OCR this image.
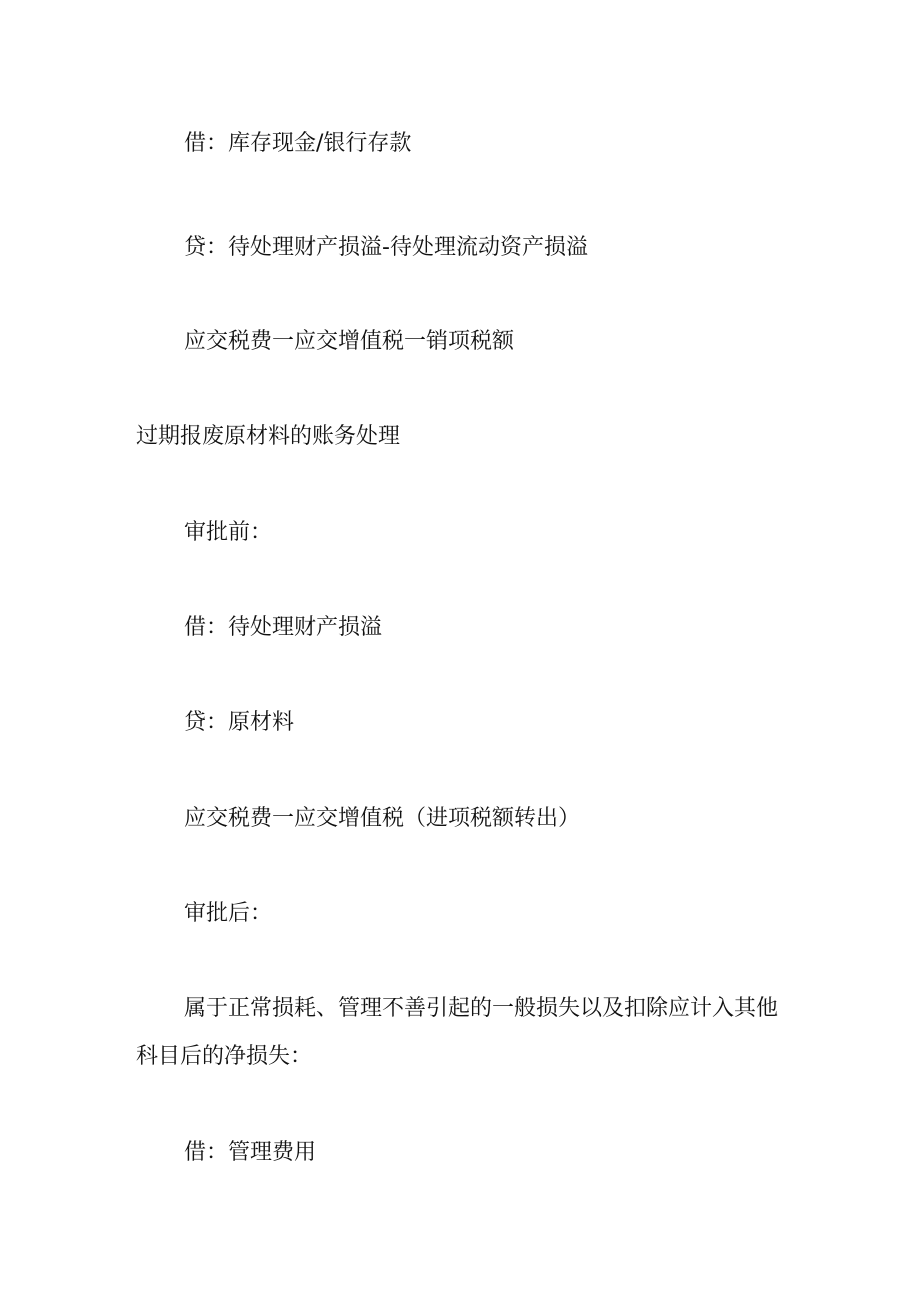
借：库存现金/银行存款
贷：待处理财产损溢-待处理流动资产损溢
应交税费一应交增值税一销项税额
过期报废原材料的账务处理
审批前：
借：待处理财产损溢
贷：原材料
应交税费一应交增值税（进项税额转出）
审批后：
属于正常损耗、管理不善引起的一般损失以及扣除应计入其他
科目后的净损失：
借：管理费用
